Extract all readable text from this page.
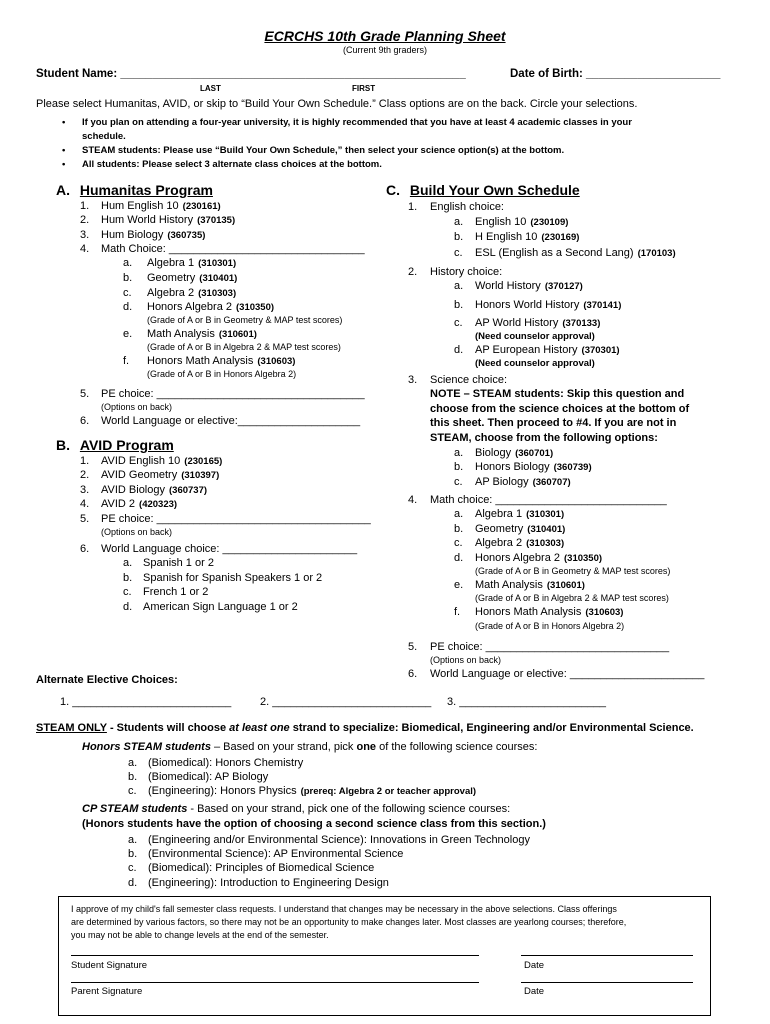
ECRCHS 10th Grade Planning Sheet
(Current 9th graders)
Student Name: ______________________________________________________	Date of Birth: _____________________
LAST	FIRST
Please select Humanitas, AVID, or skip to “Build Your Own Schedule.” Class options are on the back. Circle your selections.
• If you plan on attending a four-year university, it is highly recommended that you have at least 4 academic classes in your
schedule.
• STEAM students: Please use “Build Your Own Schedule,” then select your science option(s) at the bottom.
• All students: Please select 3 alternate class choices at the bottom.
A. Humanitas Program
1. Hum English 10 (230161)
2. Hum World History (370135)
3. Hum Biology (360735)
4. Math Choice: ________________________________
a. Algebra 1 (310301)
b. Geometry (310401)
c. Algebra 2 (310303)
d. Honors Algebra 2 (310350)
(Grade of A or B in Geometry & MAP test scores)
e. Math Analysis (310601)
(Grade of A or B in Algebra 2 & MAP test scores)
f. Honors Math Analysis (310603)
(Grade of A or B in Honors Algebra 2)
5. PE choice: __________________________________
(Options on back)
6. World Language or elective:____________________
B. AVID Program
1. AVID English 10 (230165)
2. AVID Geometry (310397)
3. AVID Biology (360737)
4. AVID 2 (420323)
5. PE choice: ___________________________________
(Options on back)
6. World Language choice: ______________________
a. Spanish 1 or 2
b. Spanish for Spanish Speakers 1 or 2
c. French 1 or 2
d. American Sign Language 1 or 2
C. Build Your Own Schedule
1. English choice:
a. English 10 (230109)
b. H English 10 (230169)
c. ESL (English as a Second Lang) (170103)
2. History choice:
a. World History (370127)
b. Honors World History (370141)
c. AP World History (370133)
(Need counselor approval)
d. AP European History (370301)
(Need counselor approval)
3. Science choice:
NOTE – STEAM students: Skip this question and
choose from the science choices at the bottom of
this sheet. Then proceed to #4. If you are not in
STEAM, choose from the following options:
a. Biology (360701)
b. Honors Biology (360739)
c. AP Biology (360707)
4. Math choice: ____________________________
a. Algebra 1 (310301)
b. Geometry (310401)
c. Algebra 2 (310303)
d. Honors Algebra 2 (310350)
(Grade of A or B in Geometry & MAP test scores)
e. Math Analysis (310601)
(Grade of A or B in Algebra 2 & MAP test scores)
f. Honors Math Analysis (310603)
(Grade of A or B in Honors Algebra 2)
5. PE choice: ______________________________
(Options on back)
6. World Language or elective: ______________________
Alternate Elective Choices:
1. __________________________	2. __________________________ 3. ________________________
STEAM ONLY - Students will choose at least one strand to specialize: Biomedical, Engineering and/or Environmental Science.
Honors STEAM students – Based on your strand, pick one of the following science courses:
a. (Biomedical): Honors Chemistry
b. (Biomedical): AP Biology
c. (Engineering): Honors Physics (prereq: Algebra 2 or teacher approval)
CP STEAM students - Based on your strand, pick one of the following science courses:
(Honors students have the option of choosing a second science class from this section.)
a. (Engineering and/or Environmental Science): Innovations in Green Technology
b. (Environmental Science): AP Environmental Science
c. (Biomedical): Principles of Biomedical Science
d. (Engineering): Introduction to Engineering Design
I approve of my child's fall semester class requests. I understand that changes may be necessary in the above selections. Class offerings
are determined by various factors, so there may not be an opportunity to make changes later. Most classes are yearlong courses; therefore,
you may not be able to change levels at the end of the semester.
Student Signature	Date
Parent Signature	Date
